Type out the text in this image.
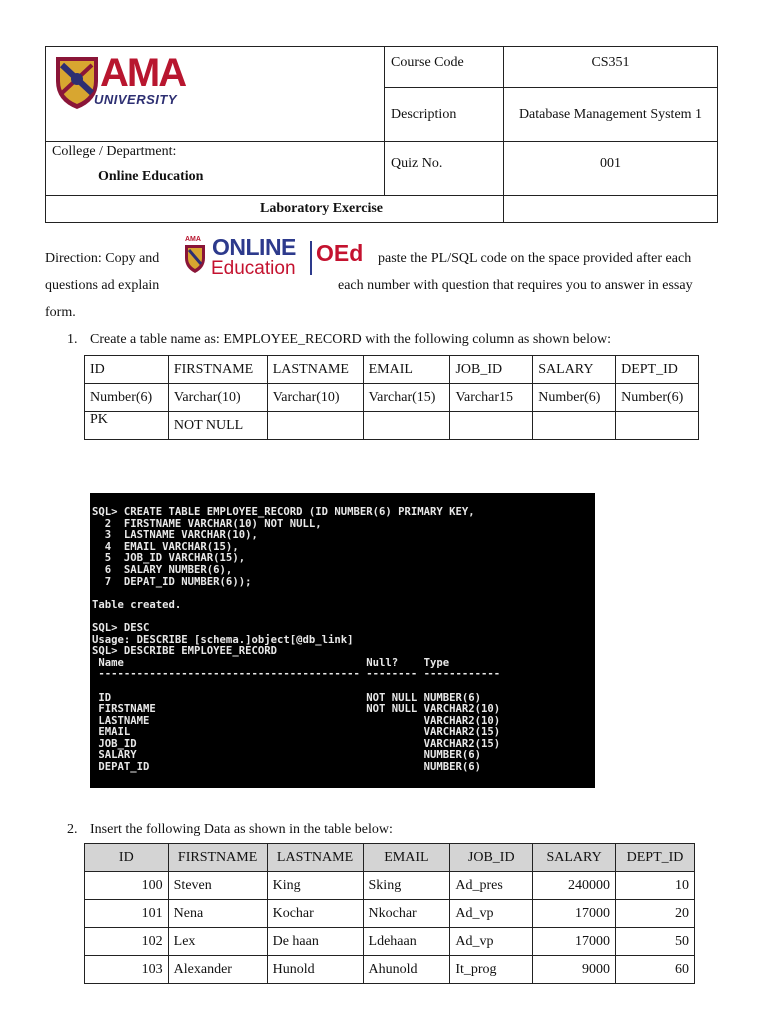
AMA
UNIVERSITY	Course Code	CS351
	Description	Database Management System 1

College / Department:
Online Education	Quiz No.	001
Laboratory Exercise		
Direction: Copy and	paste the PL/SQL code on the space provided after each
questions ad explain	each number with question that requires you to answer in essay
form.
AMA ONLINE
Education
OEd
1. Create a table name as: EMPLOYEE_RECORD with the following column as shown below:
ID	FIRSTNAME	LASTNAME	EMAIL	JOB_ID	SALARY	DEPT_ID
Number(6)	Varchar(10)	Varchar(10)	Varchar(15)	Varchar15	Number(6)	Number(6)
PK	NOT NULL					
SQL> CREATE TABLE EMPLOYEE_RECORD (ID NUMBER(6) PRIMARY KEY,
2  FIRSTNAME VARCHAR(10) NOT NULL,
3  LASTNAME VARCHAR(10),
4  EMAIL VARCHAR(15),
5  JOB_ID VARCHAR(15),
6  SALARY NUMBER(6),
7  DEPAT_ID NUMBER(6));

Table created.

SQL> DESC
Usage: DESCRIBE [schema.]object[@db_link]
SQL> DESCRIBE EMPLOYEE_RECORD
Name                                      Null?    Type
----------------------------------------- -------- ------------

ID                                        NOT NULL NUMBER(6)
FIRSTNAME                                 NOT NULL VARCHAR2(10)
LASTNAME                                           VARCHAR2(10)
EMAIL                                              VARCHAR2(15)
JOB_ID                                             VARCHAR2(15)
SALARY                                             NUMBER(6)
DEPAT_ID                                           NUMBER(6)
2. Insert the following Data as shown in the table below:
ID	FIRSTNAME	LASTNAME	EMAIL	JOB_ID	SALARY	DEPT_ID
100	Steven	King	Sking	Ad_pres	240000	10
101	Nena	Kochar	Nkochar	Ad_vp	17000	20
102	Lex	De haan	Ldehaan	Ad_vp	17000	50
103	Alexander	Hunold	Ahunold	It_prog	9000	60
